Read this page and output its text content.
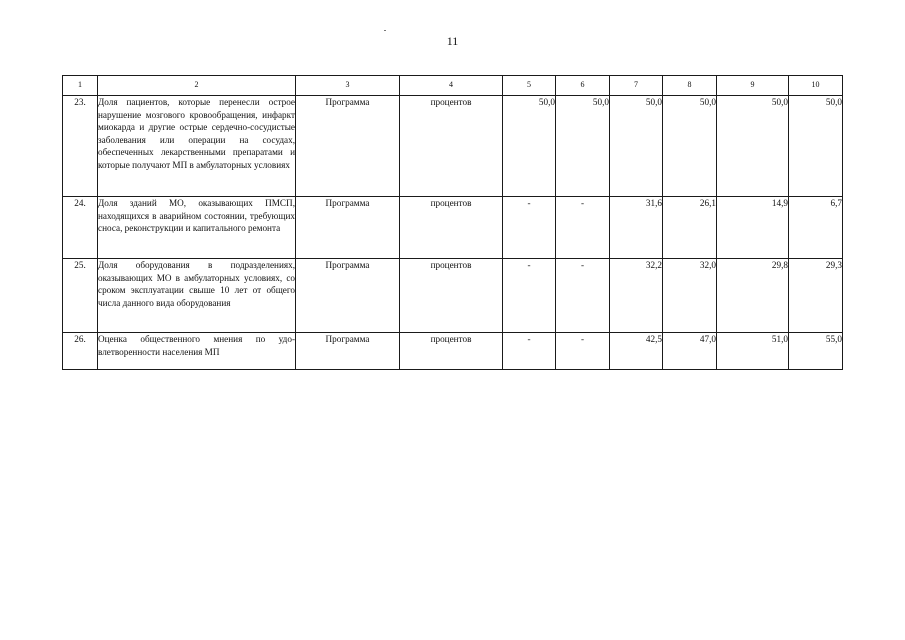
11
1	2	3	4	5	6	7	8	9	10
23.	Доля пациентов, которые перенесли острое нарушение мозгового кровообращения, инфаркт миокарда и другие острые сердечно-сосудистые заболевания или операции на сосудах, обеспеченных лекарственными препаратами и которые получают МП в амбулаторных условиях	Программа	процентов	50,0	50,0	50,0	50,0	50,0	50,0
24.	Доля зданий МО, оказывающих ПМСП, находящихся в аварийном состоянии, требующих сноса, реконструкции и капитального ремонта	Программа	процентов	-	-	31,6	26,1	14,9	6,7
25.	Доля оборудования в подразделениях, оказывающих МО в амбулаторных условиях, со сроком эксплуатации свыше 10 лет от общего числа данного вида оборудования	Программа	процентов	-	-	32,2	32,0	29,8	29,3
26.	Оценка общественного мнения по удовлетворенности населения МП	Программа	процентов	-	-	42,5	47,0	51,0	55,0
